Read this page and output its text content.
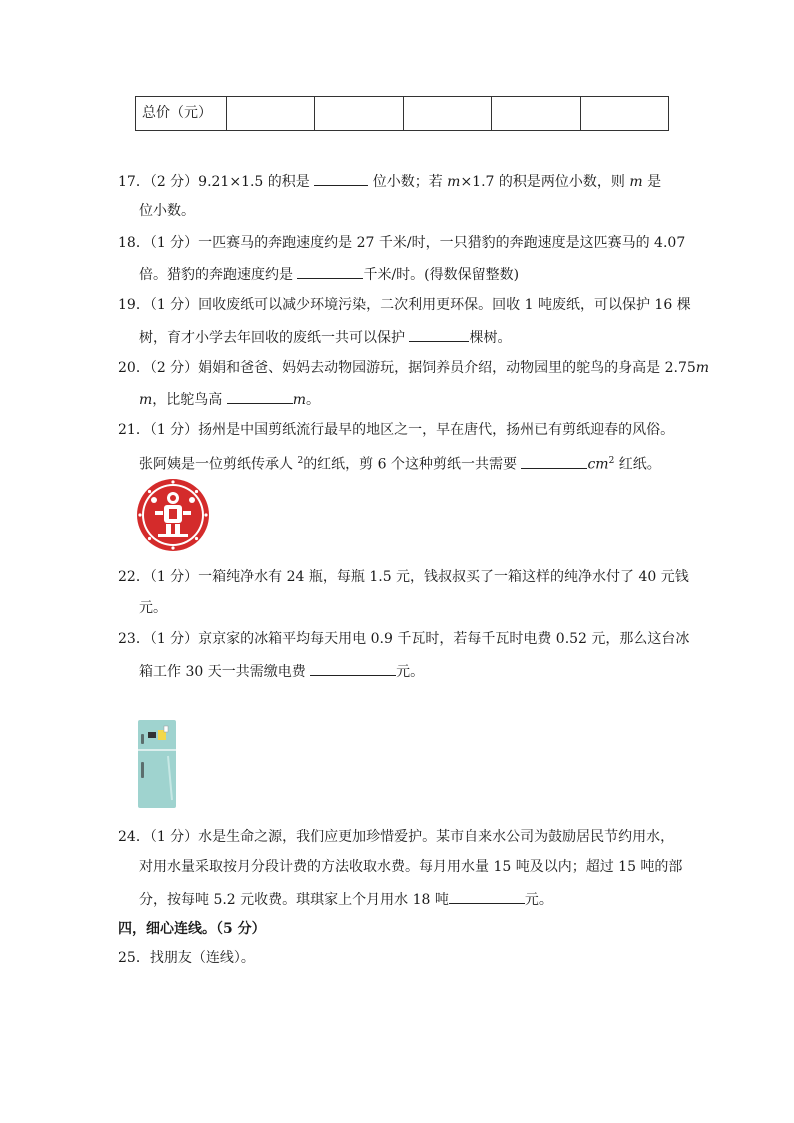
总价（元）
17．（2 分）9.21×1.5 的积是	位小数；若 m×1.7 的积是两位小数，则 m 是
位小数。
18．（1 分）一匹赛马的奔跑速度约是 27 千米/时，一只猎豹的奔跑速度是这匹赛马的 4.07
倍。猎豹的奔跑速度约是	千米/时。(得数保留整数)
19．（1 分）回收废纸可以减少环境污染，二次利用更环保。回收 1 吨废纸，可以保护 16 棵
树，育才小学去年回收的废纸一共可以保护	棵树。
20．（2 分）娟娟和爸爸、妈妈去动物园游玩，据饲养员介绍，动物园里的鸵鸟的身高是 2.75m
m，比鸵鸟高	m。
21．（1 分）扬州是中国剪纸流行最早的地区之一，早在唐代，扬州已有剪纸迎春的风俗。
张阿姨是一位剪纸传承人 $^2$的红纸，剪 6 个这种剪纸一共需要	$cm^2$ 红纸。
22．（1 分）一箱纯净水有 24 瓶，每瓶 1.5 元，钱叔叔买了一箱这样的纯净水付了 40 元钱
元。
23．（1 分）京京家的冰箱平均每天用电 0.9 千瓦时，若每千瓦时电费 0.52 元，那么这台冰
箱工作 30 天一共需缴电费	元。
24．（1 分）水是生命之源，我们应更加珍惜爱护。某市自来水公司为鼓励居民节约用水，
对用水量采取按月分段计费的方法收取水费。每月用水量 15 吨及以内；超过 15 吨的部
分，按每吨 5.2 元收费。琪琪家上个月用水 18 吨	元。
四，细心连线。（5 分）
25．找朋友（连线）。
